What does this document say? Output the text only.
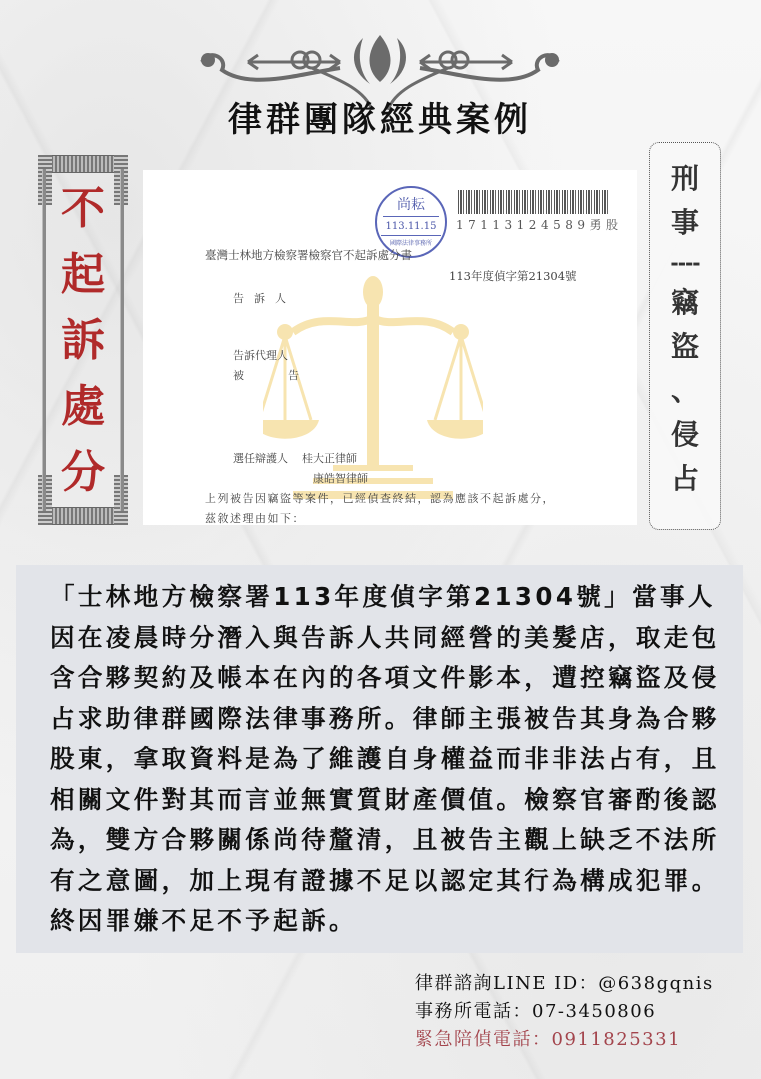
律群團隊經典案例
不
起
訴
處
分
尚耘
113.11.15
國際法律事務所
17113124589勇股
臺灣士林地方檢察署檢察官不起訴處分書
113年度偵字第21304號
告訴人
告訴代理人
被	告
選任辯護人 桂大正律師
康皓智律師
上列被告因竊盜等案件，已經偵查終結，認為應該不起訴處分，
茲敘述理由如下：
刑
事
----
竊
盜
、
侵
占

「士林地方檢察署113年度偵字第21304號」當事人因在凌晨時分潛入與告訴人共同經營的美髮店，取走包含合夥契約及帳本在內的各項文件影本，遭控竊盜及侵占求助律群國際法律事務所。律師主張被告其身為合夥股東，拿取資料是為了維護自身權益而非非法占有，且相關文件對其而言並無實質財產價值。檢察官審酌後認為，雙方合夥關係尚待釐清，且被告主觀上缺乏不法所有之意圖，加上現有證據不足以認定其行為構成犯罪。終因罪嫌不足不予起訴。

律群諮詢LINE ID：@638gqnis
事務所電話：07-3450806
緊急陪偵電話：0911825331
